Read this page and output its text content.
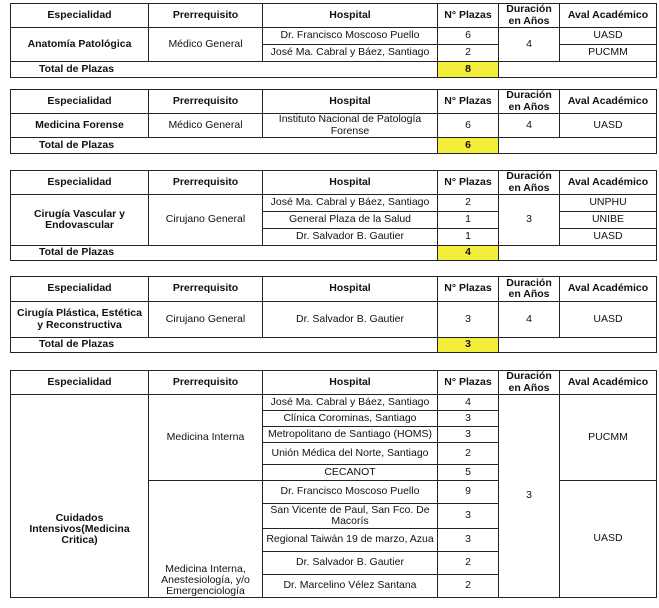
Especialidad	Prerrequisito	Hospital	N° Plazas	Duración en Años	Aval Académico
Anatomía Patológica	Médico General	Dr. Francisco Moscoso Puello	6	4	UASD
		José Ma. Cabral y Báez, Santiago	2		PUCMM
Total de Plazas			8		
Especialidad	Prerrequisito	Hospital	N° Plazas	Duración en Años	Aval Académico
Medicina Forense	Médico General	Instituto Nacional de Patología Forense	6	4	UASD
Total de Plazas			6		
Especialidad	Prerrequisito	Hospital	N° Plazas	Duración en Años	Aval Académico
Cirugía Vascular y Endovascular	Cirujano General	José Ma. Cabral y Báez, Santiago	2	3	UNPHU
		General Plaza de la Salud	1		UNIBE
		Dr. Salvador B. Gautier	1		UASD
Total de Plazas			4		
Especialidad	Prerrequisito	Hospital	N° Plazas	Duración en Años	Aval Académico
Cirugía Plástica, Estética y Reconstructiva	Cirujano General	Dr. Salvador B. Gautier	3	4	UASD
Total de Plazas			3		
Especialidad	Prerrequisito	Hospital	N° Plazas	Duración en Años	Aval Académico
Cuidados Intensivos(Medicina Critica)	Medicina Interna	José Ma. Cabral y Báez, Santiago	4	3	PUCMM
		Clínica Corominas, Santiago	3		
		Metropolitano de Santiago (HOMS)	3		
		Unión Médica del Norte, Santiago	2		
		CECANOT	5		
	Medicina Interna, Anestesiología, y/o Emergenciología	Dr. Francisco Moscoso Puello	9		UASD
		San Vicente de Paul, San Fco. De Macorís	3		
		Regional Taiwán 19 de marzo, Azua	3		
		Dr. Salvador B. Gautier	2		
		Dr. Marcelino Vélez Santana	2		
